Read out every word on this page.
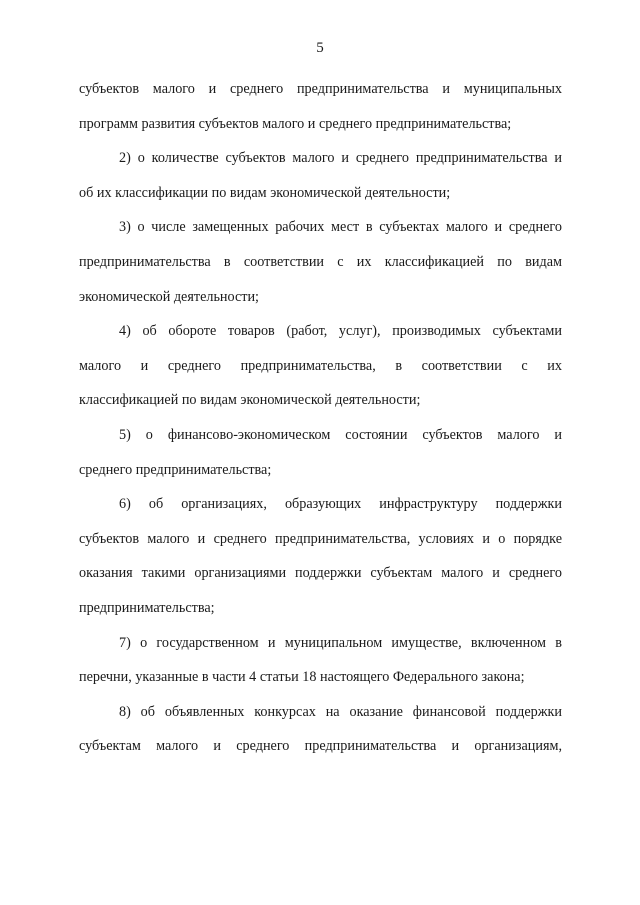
5
субъектов малого и среднего предпринимательства и муниципальных
программ развития субъектов малого и среднего предпринимательства;
2) о количестве субъектов малого и среднего предпринимательства и
об их классификации по видам экономической деятельности;
3) о числе замещенных рабочих мест в субъектах малого и среднего
предпринимательства в соответствии с их классификацией по видам
экономической деятельности;
4) об обороте товаров (работ, услуг), производимых субъектами
малого и среднего предпринимательства, в соответствии с их
классификацией по видам экономической деятельности;
5) о финансово-экономическом состоянии субъектов малого и
среднего предпринимательства;
6) об организациях, образующих инфраструктуру поддержки
субъектов малого и среднего предпринимательства, условиях и о порядке
оказания такими организациями поддержки субъектам малого и среднего
предпринимательства;
7) о государственном и муниципальном имуществе, включенном в
перечни, указанные в части 4 статьи 18 настоящего Федерального закона;
8) об объявленных конкурсах на оказание финансовой поддержки
субъектам малого и среднего предпринимательства и организациям,
